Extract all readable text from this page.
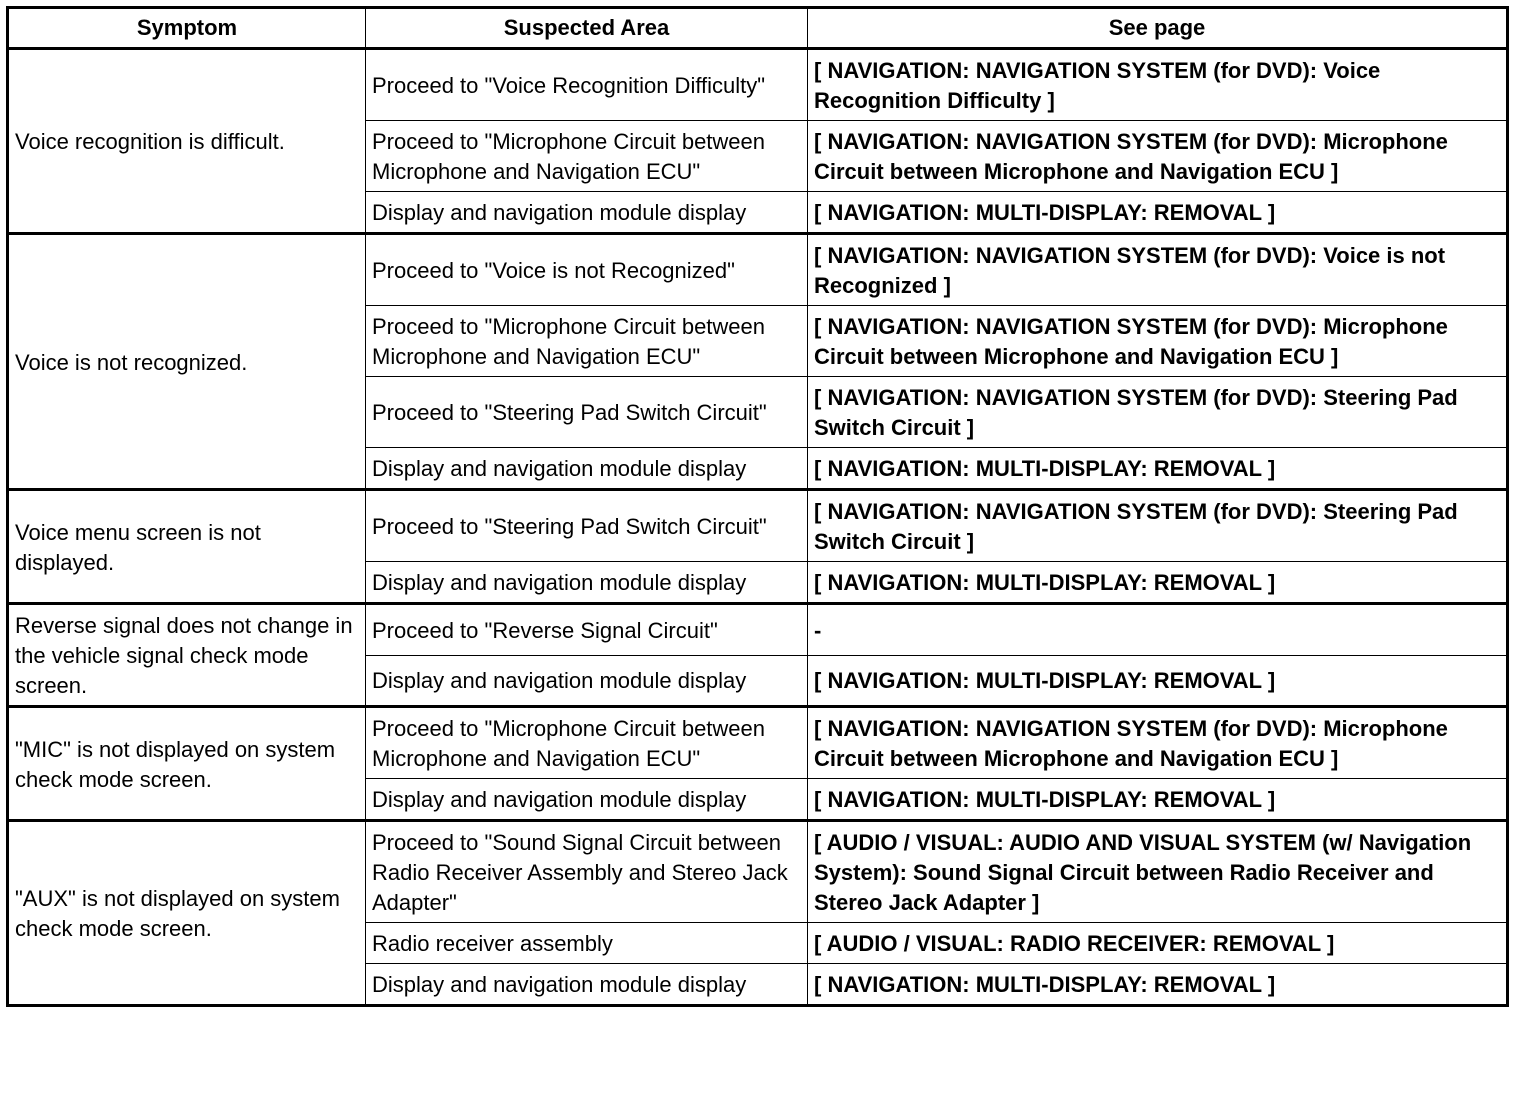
Symptom	Suspected Area	See page
Voice recognition is difficult.	Proceed to "Voice Recognition Difficulty"	[ NAVIGATION: NAVIGATION SYSTEM (for DVD): Voice Recognition Difficulty ]
	Proceed to "Microphone Circuit between Microphone and Navigation ECU"	[ NAVIGATION: NAVIGATION SYSTEM (for DVD): Microphone Circuit between Microphone and Navigation ECU ]
	Display and navigation module display	[ NAVIGATION: MULTI-DISPLAY: REMOVAL ]
Voice is not recognized.	Proceed to "Voice is not Recognized"	[ NAVIGATION: NAVIGATION SYSTEM (for DVD): Voice is not Recognized ]
	Proceed to "Microphone Circuit between Microphone and Navigation ECU"	[ NAVIGATION: NAVIGATION SYSTEM (for DVD): Microphone Circuit between Microphone and Navigation ECU ]
	Proceed to "Steering Pad Switch Circuit"	[ NAVIGATION: NAVIGATION SYSTEM (for DVD): Steering Pad Switch Circuit ]
	Display and navigation module display	[ NAVIGATION: MULTI-DISPLAY: REMOVAL ]
Voice menu screen is not displayed.	Proceed to "Steering Pad Switch Circuit"	[ NAVIGATION: NAVIGATION SYSTEM (for DVD): Steering Pad Switch Circuit ]
	Display and navigation module display	[ NAVIGATION: MULTI-DISPLAY: REMOVAL ]
Reverse signal does not change in the vehicle signal check mode screen.	Proceed to "Reverse Signal Circuit"	-
	Display and navigation module display	[ NAVIGATION: MULTI-DISPLAY: REMOVAL ]
"MIC" is not displayed on system check mode screen.	Proceed to "Microphone Circuit between Microphone and Navigation ECU"	[ NAVIGATION: NAVIGATION SYSTEM (for DVD): Microphone Circuit between Microphone and Navigation ECU ]
	Display and navigation module display	[ NAVIGATION: MULTI-DISPLAY: REMOVAL ]
"AUX" is not displayed on system check mode screen.	Proceed to "Sound Signal Circuit between Radio Receiver Assembly and Stereo Jack Adapter"	[ AUDIO / VISUAL: AUDIO AND VISUAL SYSTEM (w/ Navigation System): Sound Signal Circuit between Radio Receiver and Stereo Jack Adapter ]
	Radio receiver assembly	[ AUDIO / VISUAL: RADIO RECEIVER: REMOVAL ]
	Display and navigation module display	[ NAVIGATION: MULTI-DISPLAY: REMOVAL ]
